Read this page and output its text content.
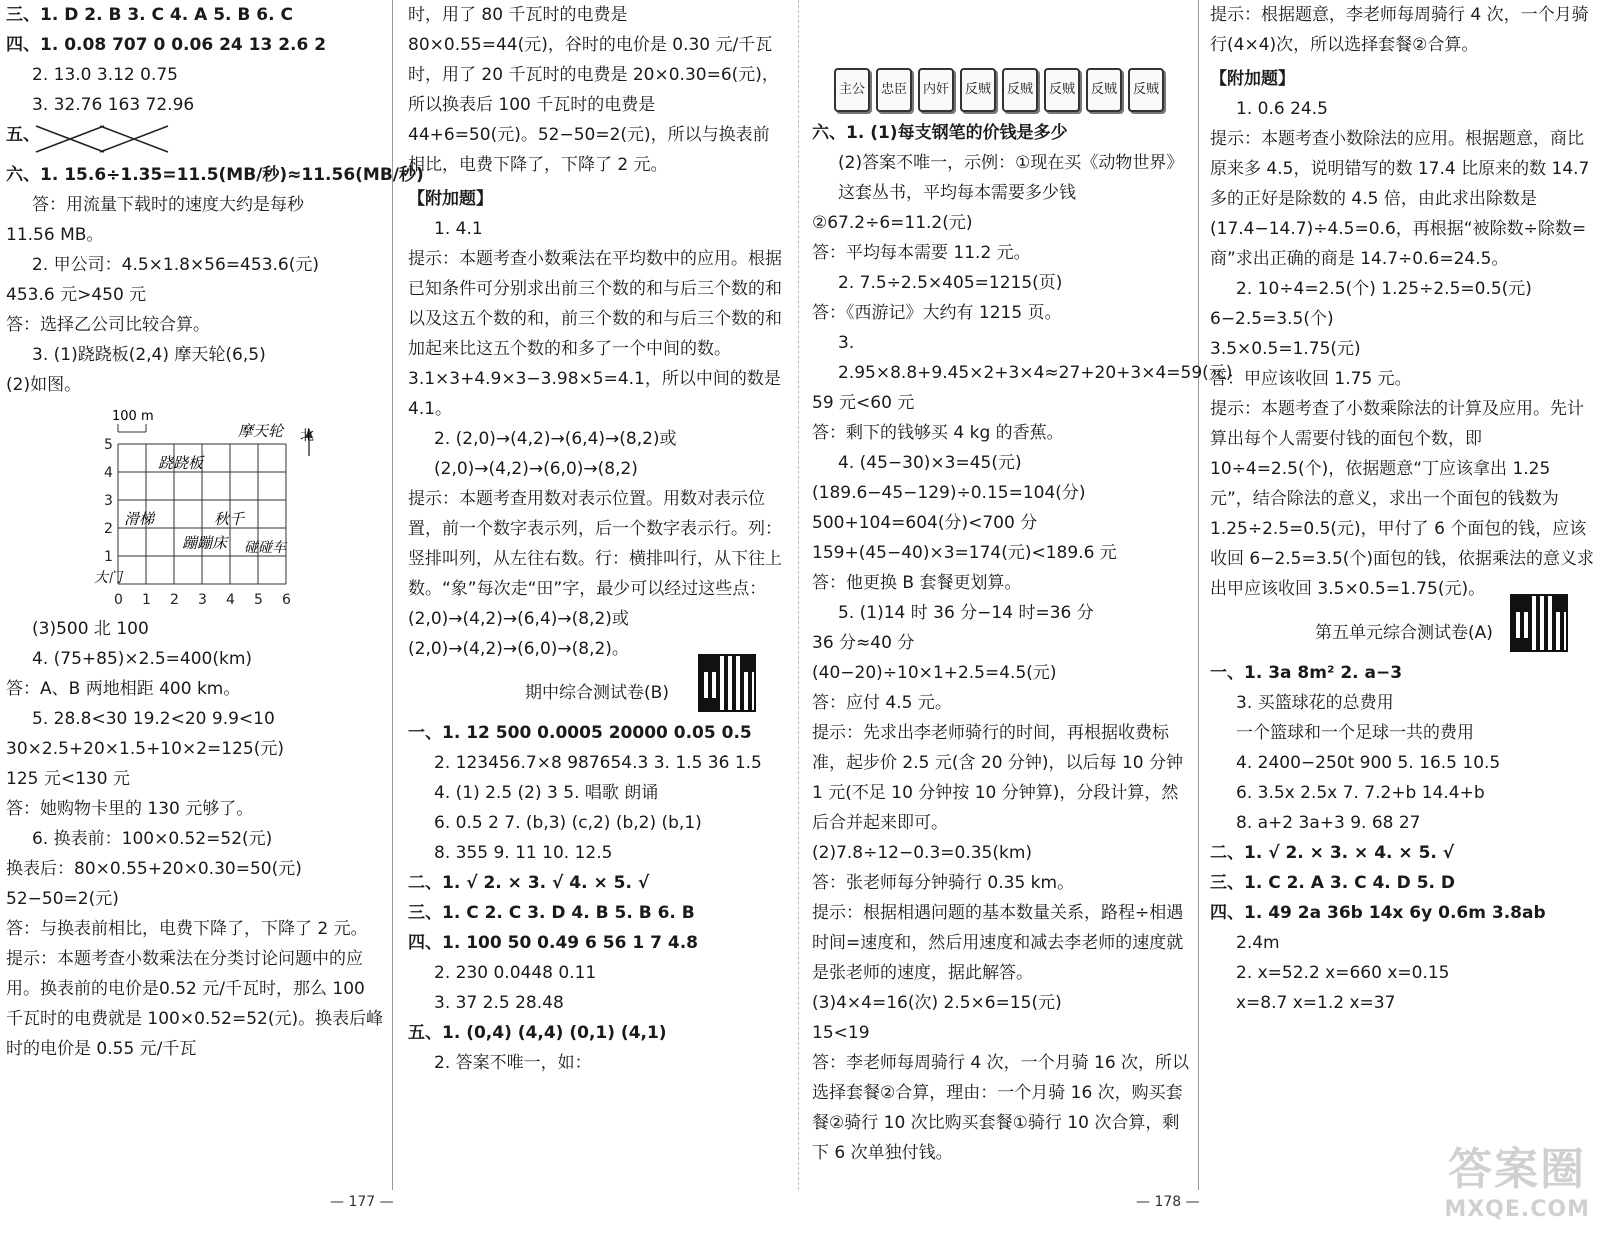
三、1. D 2. B 3. C 4. A 5. B 6. C
四、1. 0.08 707 0 0.06 24 13 2.6 2
2. 13.0 3.12 0.75
3. 32.76 163 72.96
五、
六、1. 15.6÷1.35=11.5(MB/秒)≈11.56(MB/秒)
答：用流量下载时的速度大约是每秒
11.56 MB。
2. 甲公司：4.5×1.8×56=453.6(元)
453.6 元>450 元
答：选择乙公司比较合算。
3. (1)跷跷板(2,4) 摩天轮(6,5)
(2)如图。
100 m
北
摩天轮
跷跷板
滑梯	秋千
蹦蹦床 碰碰车
大门
0 1 2 3 4 5 6
1
2
3
4
5
(3)500 北 100
4. (75+85)×2.5=400(km)
答：A、B 两地相距 400 km。
5. 28.8<30 19.2<20 9.9<10
30×2.5+20×1.5+10×2=125(元)
125 元<130 元
答：她购物卡里的 130 元够了。
6. 换表前：100×0.52=52(元)
换表后：80×0.55+20×0.30=50(元)
52−50=2(元)
答：与换表前相比，电费下降了，下降了 2 元。
提示：本题考查小数乘法在分类讨论问题中的应用。换表前的电价是0.52 元/千瓦时，那么 100 千瓦时的电费就是 100×0.52=52(元)。换表后峰时的电价是 0.55 元/千瓦
时，用了 80 千瓦时的电费是 80×0.55=44(元)，谷时的电价是 0.30 元/千瓦时，用了 20 千瓦时的电费是 20×0.30=6(元)，所以换表后 100 千瓦时的电费是 44+6=50(元)。52−50=2(元)，所以与换表前相比，电费下降了，下降了 2 元。
【附加题】
1. 4.1
提示：本题考查小数乘法在平均数中的应用。根据已知条件可分别求出前三个数的和与后三个数的和以及这五个数的和，前三个数的和与后三个数的和加起来比这五个数的和多了一个中间的数。3.1×3+4.9×3−3.98×5=4.1，所以中间的数是 4.1。
2. (2,0)→(4,2)→(6,4)→(8,2)或(2,0)→(4,2)→(6,0)→(8,2)
提示：本题考查用数对表示位置。用数对表示位置，前一个数字表示列，后一个数字表示行。列：竖排叫列，从左往右数。行：横排叫行，从下往上数。“象”每次走“田”字，最少可以经过这些点：(2,0)→(4,2)→(6,4)→(8,2)或(2,0)→(4,2)→(6,0)→(8,2)。
期中综合测试卷(B)
一、1. 12 500 0.0005 20000 0.05 0.5
2. 123456.7×8 987654.3 3. 1.5 3̇6̇ 1.5
4. (1) 2.5 (2) 3 5. 唱歌 朗诵
6. 0.5 2 7. (b,3) (c,2) (b,2) (b,1)
8. 355 9. 11 10. 12.5
二、1. √ 2. × 3. √ 4. × 5. √
三、1. C 2. C 3. D 4. B 5. B 6. B
四、1. 100 50 0.49 6 56 1 7 4.8
2. 230 0.0448 0.11
3. 37 2.5 28.48
五、1. (0,4) (4,4) (0,1) (4,1)
2. 答案不唯一，如：
主公	忠臣	内奸	反贼	反贼	反贼	反贼	反贼
六、1. (1)每支钢笔的价钱是多少
(2)答案不唯一，示例：①现在买《动物世界》这套丛书，平均每本需要多少钱
②67.2÷6=11.2(元)
答：平均每本需要 11.2 元。
2. 7.5÷2.5×405=1215(页)
答：《西游记》大约有 1215 页。
3. 2.95×8.8+9.45×2+3×4≈27+20+3×4=59(元)
59 元<60 元
答：剩下的钱够买 4 kg 的香蕉。
4. (45−30)×3=45(元)
(189.6−45−129)÷0.15=104(分)
500+104=604(分)<700 分
159+(45−40)×3=174(元)<189.6 元
答：他更换 B 套餐更划算。
5. (1)14 时 36 分−14 时=36 分
36 分≈40 分
(40−20)÷10×1+2.5=4.5(元)
答：应付 4.5 元。
提示：先求出李老师骑行的时间，再根据收费标准，起步价 2.5 元(含 20 分钟)，以后每 10 分钟 1 元(不足 10 分钟按 10 分钟算)，分段计算，然后合并起来即可。
(2)7.8÷12−0.3=0.35(km)
答：张老师每分钟骑行 0.35 km。
提示：根据相遇问题的基本数量关系，路程÷相遇时间=速度和，然后用速度和减去李老师的速度就是张老师的速度，据此解答。
(3)4×4=16(次) 2.5×6=15(元)
15<19
答：李老师每周骑行 4 次，一个月骑 16 次，所以选择套餐②合算，理由：一个月骑 16 次，购买套餐②骑行 10 次比购买套餐①骑行 10 次合算，剩下 6 次单独付钱。
提示：根据题意，李老师每周骑行 4 次，一个月骑行(4×4)次，所以选择套餐②合算。
【附加题】
1. 0.6 24.5
提示：本题考查小数除法的应用。根据题意，商比原来多 4.5，说明错写的数 17.4 比原来的数 14.7 多的正好是除数的 4.5 倍，由此求出除数是(17.4−14.7)÷4.5=0.6，再根据“被除数÷除数=商”求出正确的商是 14.7÷0.6=24.5。
2. 10÷4=2.5(个) 1.25÷2.5=0.5(元)
6−2.5=3.5(个)
3.5×0.5=1.75(元)
答：甲应该收回 1.75 元。
提示：本题考查了小数乘除法的计算及应用。先计算出每个人需要付钱的面包个数，即 10÷4=2.5(个)，依据题意“丁应该拿出 1.25 元”，结合除法的意义，求出一个面包的钱数为 1.25÷2.5=0.5(元)，甲付了 6 个面包的钱，应该收回 6−2.5=3.5(个)面包的钱，依据乘法的意义求出甲应该收回 3.5×0.5=1.75(元)。
第五单元综合测试卷(A)
一、1. 3a 8m² 2. a−3
3. 买篮球花的总费用
一个篮球和一个足球一共的费用
4. 2400−250t 900 5. 16.5 10.5
6. 3.5x 2.5x 7. 7.2+b 14.4+b
8. a+2 3a+3 9. 68 27
二、1. √ 2. × 3. × 4. × 5. √
三、1. C 2. A 3. C 4. D 5. D
四、1. 49 2a 36b 14x 6y 0.6m 3.8ab
2.4m
2. x=52.2 x=660 x=0.15
x=8.7 x=1.2 x=37
— 177 —	— 178 —
答案圈
MXQE.COM
